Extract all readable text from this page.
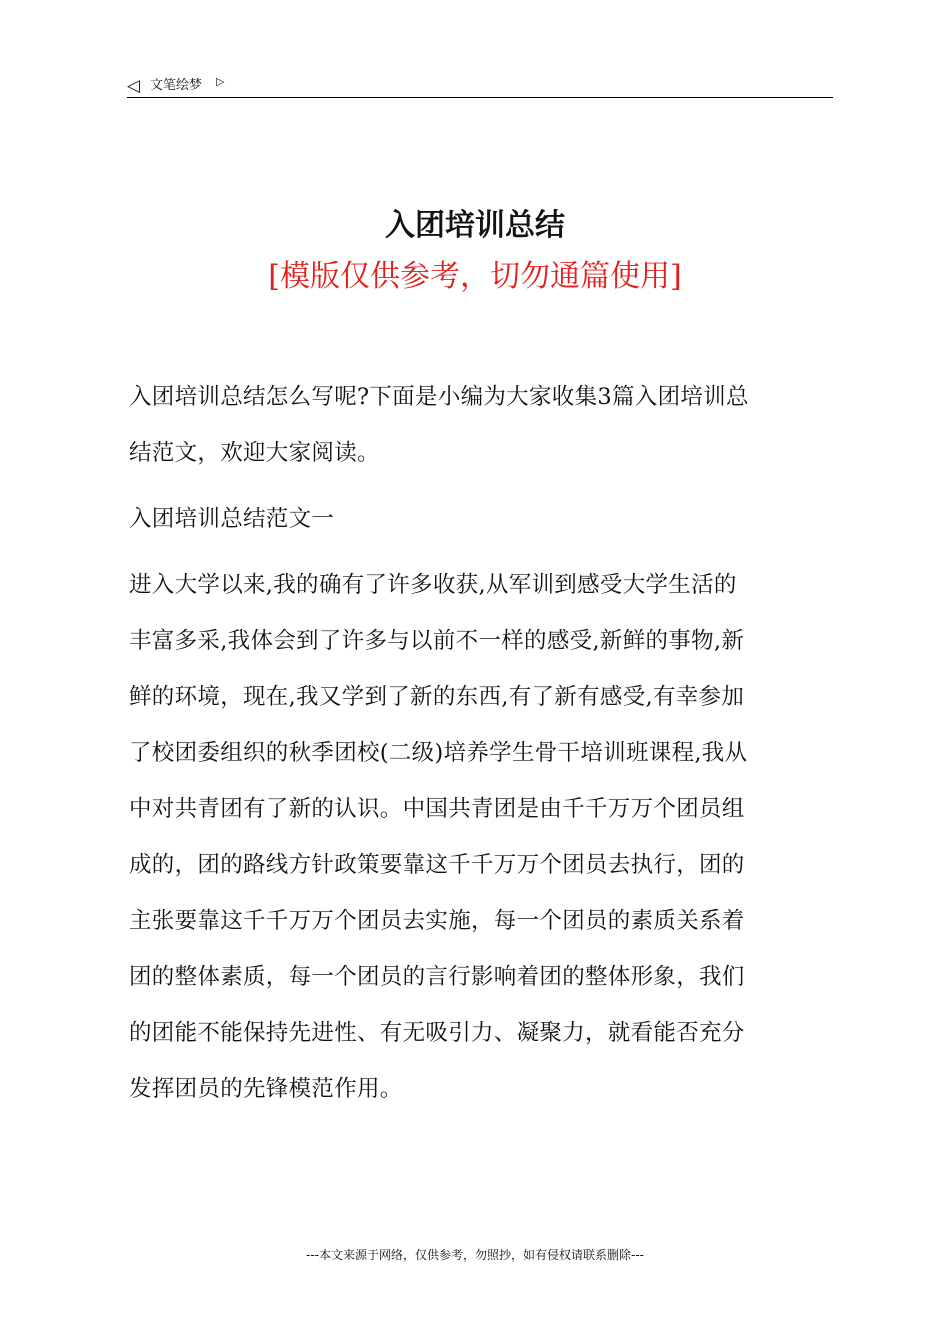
◁ 文笔绘梦 ▷
入团培训总结
[模版仅供参考，切勿通篇使用]

入团培训总结怎么写呢?下面是小编为大家收集3篇入团培训总
结范文，欢迎大家阅读。

入团培训总结范文一

进入大学以来,我的确有了许多收获,从军训到感受大学生活的
丰富多采,我体会到了许多与以前不一样的感受,新鲜的事物,新
鲜的环境，现在,我又学到了新的东西,有了新有感受,有幸参加
了校团委组织的秋季团校(二级)培养学生骨干培训班课程,我从
中对共青团有了新的认识。中国共青团是由千千万万个团员组
成的，团的路线方针政策要靠这千千万万个团员去执行，团的
主张要靠这千千万万个团员去实施，每一个团员的素质关系着
团的整体素质，每一个团员的言行影响着团的整体形象，我们
的团能不能保持先进性、有无吸引力、凝聚力，就看能否充分
发挥团员的先锋模范作用。

---本文来源于网络，仅供参考，勿照抄，如有侵权请联系删除---
